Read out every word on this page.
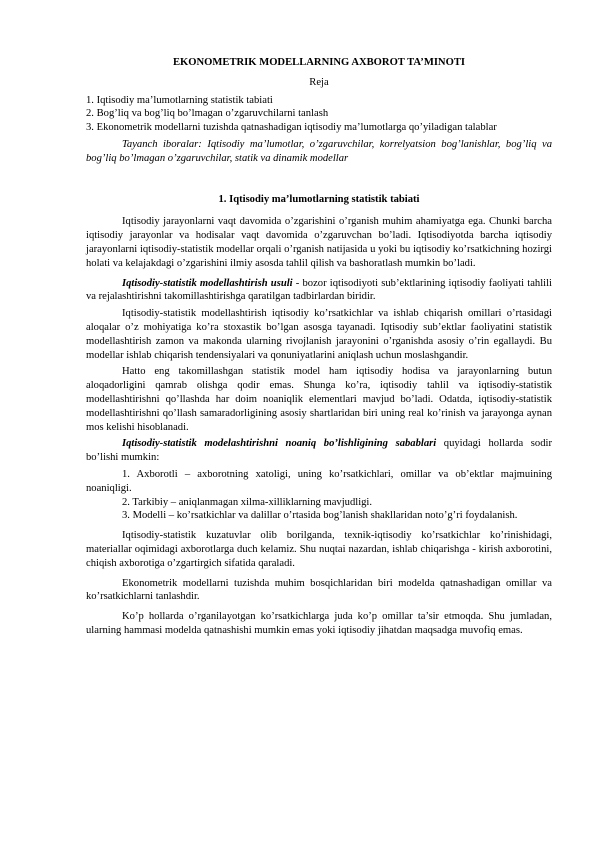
EKONOMETRIK MODELLARNING AXBOROT TA’MINOTI
Reja
1. Iqtisodiy ma’lumotlarning statistik tabiati
2. Bog’liq va bog’liq bo’lmagan o’zgaruvchilarni tanlash
3. Ekonometrik modellarni tuzishda qatnashadigan iqtisodiy ma’lumotlarga qo’yiladigan talablar

Tayanch iboralar: Iqtisodiy ma’lumotlar, o’zgaruvchilar, korrelyatsion bog’lanishlar, bog’liq va bog’liq bo’lmagan o’zgaruvchilar, statik va dinamik modellar

1. Iqtisodiy ma’lumotlarning statistik tabiati

Iqtisodiy jarayonlarni vaqt davomida o’zgarishini o’rganish muhim ahamiyatga ega. Chunki barcha iqtisodiy jarayonlar va hodisalar vaqt davomida o’zgaruvchan bo’ladi. Iqtisodiyotda barcha iqtisodiy jarayonlarni iqtisodiy-statistik modellar orqali o’rganish natijasida u yoki bu iqtisodiy ko’rsatkichning hozirgi holati va kelajakdagi o’zgarishini ilmiy asosda tahlil qilish va bashoratlash mumkin bo’ladi.

Iqtisodiy-statistik modellashtirish usuli - bozor iqtisodiyoti sub’ektlarining iqtisodiy faoliyati tahlili va rejalashtirishni takomillashtirishga qaratilgan tadbirlardan biridir.

Iqtisodiy-statistik modellashtirish iqtisodiy ko’rsatkichlar va ishlab chiqarish omillari o’rtasidagi aloqalar o’z mohiyatiga ko’ra stoxastik bo’lgan asosga tayanadi. Iqtisodiy sub’ektlar faoliyatini statistik modellashtirish zamon va makonda ularning rivojlanish jarayonini o’rganishda asosiy o’rin egallaydi. Bu modellar ishlab chiqarish tendensiyalari va qonuniyatlarini aniqlash uchun moslashgandir.

Hatto eng takomillashgan statistik model ham iqtisodiy hodisa va jarayonlarning butun aloqadorligini qamrab olishga qodir emas. Shunga ko’ra, iqtisodiy tahlil va iqtisodiy-statistik modellashtirishni qo’llashda har doim noaniqlik elementlari mavjud bo’ladi. Odatda, iqtisodiy-statistik modellashtirishni qo’llash samaradorligining asosiy shartlaridan biri uning real ko’rinish va jarayonga aynan mos kelishi hisoblanadi.

Iqtisodiy-statistik modelashtirishni noaniq bo’lishligining sabablari quyidagi hollarda sodir bo’lishi mumkin:

1. Axborotli – axborotning xatoligi, uning ko’rsatkichlari, omillar va ob’ektlar majmuining noaniqligi.
2. Tarkibiy – aniqlanmagan xilma-xilliklarning mavjudligi.
3. Modelli – ko’rsatkichlar va dalillar o’rtasida bog’lanish shakllaridan noto’g’ri foydalanish.

Iqtisodiy-statistik kuzatuvlar olib borilganda, texnik-iqtisodiy ko’rsatkichlar ko’rinishidagi, materiallar oqimidagi axborotlarga duch kelamiz. Shu nuqtai nazardan, ishlab chiqarishga - kirish axborotini, chiqish axborotiga o’zgartirgich sifatida qaraladi.

Ekonometrik modellarni tuzishda muhim bosqichlaridan biri modelda qatnashadigan omillar va ko’rsatkichlarni tanlashdir.

Ko’p hollarda o’rganilayotgan ko’rsatkichlarga juda ko’p omillar ta’sir etmoqda. Shu jumladan, ularning hammasi modelda qatnashishi mumkin emas yoki iqtisodiy jihatdan maqsadga muvofiq emas.
